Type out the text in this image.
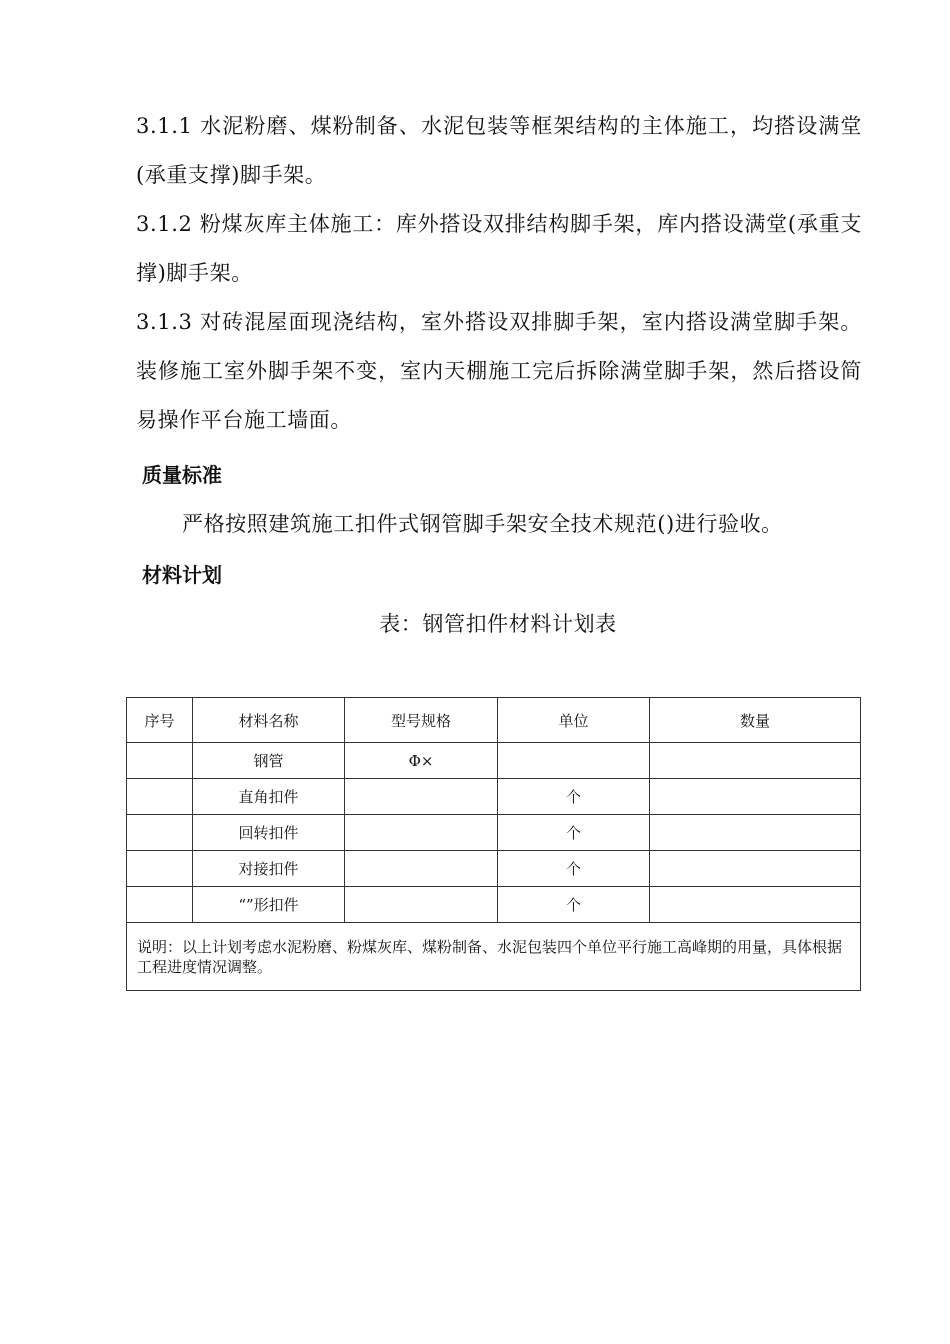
3.1.1 水泥粉磨、煤粉制备、水泥包装等框架结构的主体施工，均搭设满堂(承重支撑)脚手架。
3.1.2 粉煤灰库主体施工：库外搭设双排结构脚手架，库内搭设满堂(承重支撑)脚手架。
3.1.3 对砖混屋面现浇结构，室外搭设双排脚手架，室内搭设满堂脚手架。装修施工室外脚手架不变，室内天棚施工完后拆除满堂脚手架，然后搭设简易操作平台施工墙面。
质量标准
严格按照建筑施工扣件式钢管脚手架安全技术规范()进行验收。
材料计划
表：钢管扣件材料计划表
序号	材料名称	型号规格	单位	数量
	钢管	Φ×		
	直角扣件		个	
	回转扣件		个	
	对接扣件		个	
	“”形扣件		个	
说明：以上计划考虑水泥粉磨、粉煤灰库、煤粉制备、水泥包装四个单位平行施工高峰期的用量，具体根据工程进度情况调整。				
